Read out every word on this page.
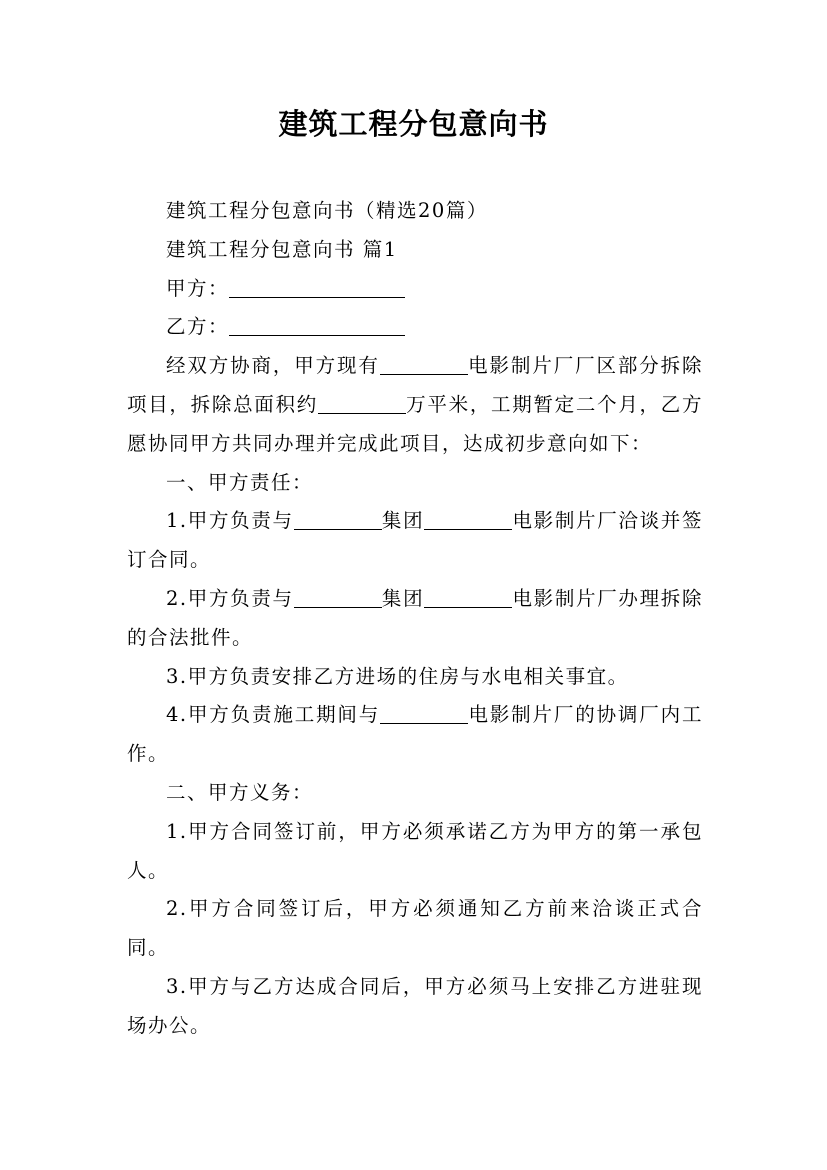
建筑工程分包意向书

建筑工程分包意向书（精选20篇）

建筑工程分包意向书 篇1

甲方：

乙方：

经双方协商，甲方现有	电影制片厂厂区部分拆除项目，拆除总面积约	万平米，工期暂定二个月，乙方愿协同甲方共同办理并完成此项目，达成初步意向如下：

一、甲方责任：

1.甲方负责与	集团	电影制片厂洽谈并签订合同。

2.甲方负责与	集团	电影制片厂办理拆除的合法批件。

3.甲方负责安排乙方进场的住房与水电相关事宜。

4.甲方负责施工期间与	电影制片厂的协调厂内工作。

二、甲方义务：

1.甲方合同签订前，甲方必须承诺乙方为甲方的第一承包人。

2.甲方合同签订后，甲方必须通知乙方前来洽谈正式合同。

3.甲方与乙方达成合同后，甲方必须马上安排乙方进驻现场办公。
